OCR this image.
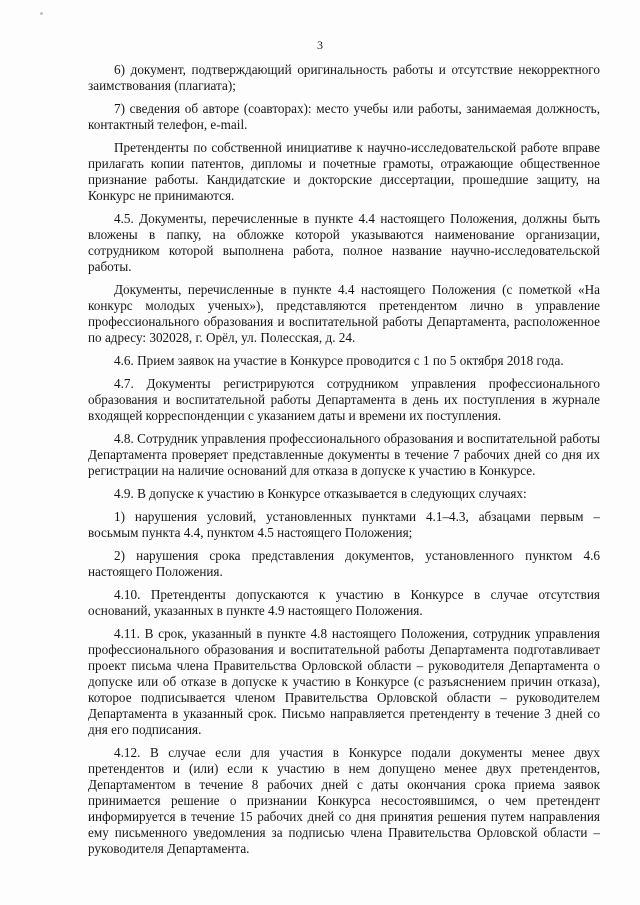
3

6) документ, подтверждающий оригинальность работы и отсутствие некорректного заимствования (плагиата);

7) сведения об авторе (соавторах): место учебы или работы, занимаемая должность, контактный телефон, e-mail.

Претенденты по собственной инициативе к научно-исследовательской работе вправе прилагать копии патентов, дипломы и почетные грамоты, отражающие общественное признание работы. Кандидатские и докторские диссертации, прошедшие защиту, на Конкурс не принимаются.

4.5. Документы, перечисленные в пункте 4.4 настоящего Положения, должны быть вложены в папку, на обложке которой указываются наименование организации, сотрудником которой выполнена работа, полное название научно-исследовательской работы.

Документы, перечисленные в пункте 4.4 настоящего Положения (с пометкой «На конкурс молодых ученых»), представляются претендентом лично в управление профессионального образования и воспитательной работы Департамента, расположенное по адресу: 302028, г. Орёл, ул. Полесская, д. 24.

4.6. Прием заявок на участие в Конкурсе проводится с 1 по 5 октября 2018 года.

4.7. Документы регистрируются сотрудником управления профессионального образования и воспитательной работы Департамента в день их поступления в журнале входящей корреспонденции с указанием даты и времени их поступления.

4.8. Сотрудник управления профессионального образования и воспитательной работы Департамента проверяет представленные документы в течение 7 рабочих дней со дня их регистрации на наличие оснований для отказа в допуске к участию в Конкурсе.

4.9. В допуске к участию в Конкурсе отказывается в следующих случаях:

1) нарушения условий, установленных пунктами 4.1–4.3, абзацами первым – восьмым пункта 4.4, пунктом 4.5 настоящего Положения;

2) нарушения срока представления документов, установленного пунктом 4.6 настоящего Положения.

4.10. Претенденты допускаются к участию в Конкурсе в случае отсутствия оснований, указанных в пункте 4.9 настоящего Положения.

4.11. В срок, указанный в пункте 4.8 настоящего Положения, сотрудник управления профессионального образования и воспитательной работы Департамента подготавливает проект письма члена Правительства Орловской области – руководителя Департамента о допуске или об отказе в допуске к участию в Конкурсе (с разъяснением причин отказа), которое подписывается членом Правительства Орловской области – руководителем Департамента в указанный срок. Письмо направляется претенденту в течение 3 дней со дня его подписания.

4.12. В случае если для участия в Конкурсе подали документы менее двух претендентов и (или) если к участию в нем допущено менее двух претендентов, Департаментом в течение 8 рабочих дней с даты окончания срока приема заявок принимается решение о признании Конкурса несостоявшимся, о чем претендент информируется в течение 15 рабочих дней со дня принятия решения путем направления ему письменного уведомления за подписью члена Правительства Орловской области – руководителя Департамента.
